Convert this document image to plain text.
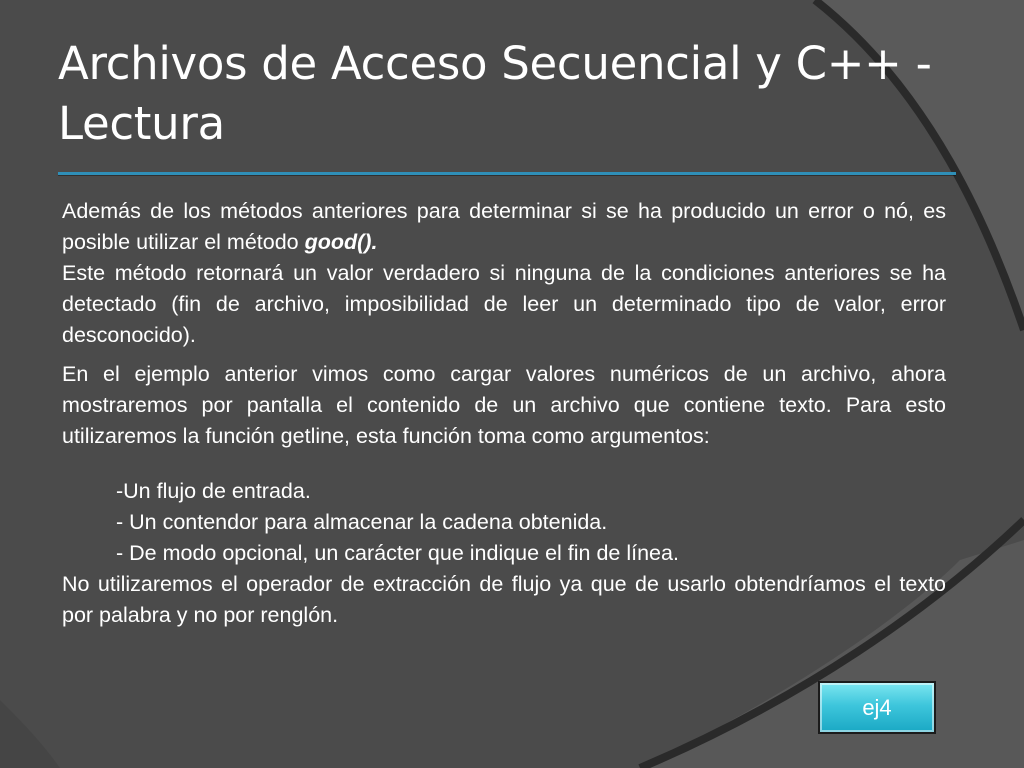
Archivos de Acceso Secuencial y C++ - Lectura

Además de los métodos anteriores para determinar si se ha producido un error o nó, es posible utilizar el método good().

Este método retornará un valor verdadero si ninguna de la condiciones anteriores se ha detectado (fin de archivo, imposibilidad de leer un determinado tipo de valor, error desconocido).

En el ejemplo anterior vimos como cargar valores numéricos de un archivo, ahora mostraremos por pantalla el contenido de un archivo que contiene texto. Para esto utilizaremos la función getline, esta función toma como argumentos:

-Un flujo de entrada.
- Un contendor para almacenar la cadena obtenida.
- De modo opcional, un carácter que indique el fin de línea.

No utilizaremos el operador de extracción de flujo ya que de usarlo obtendríamos el texto por palabra y no por renglón.

ej4
